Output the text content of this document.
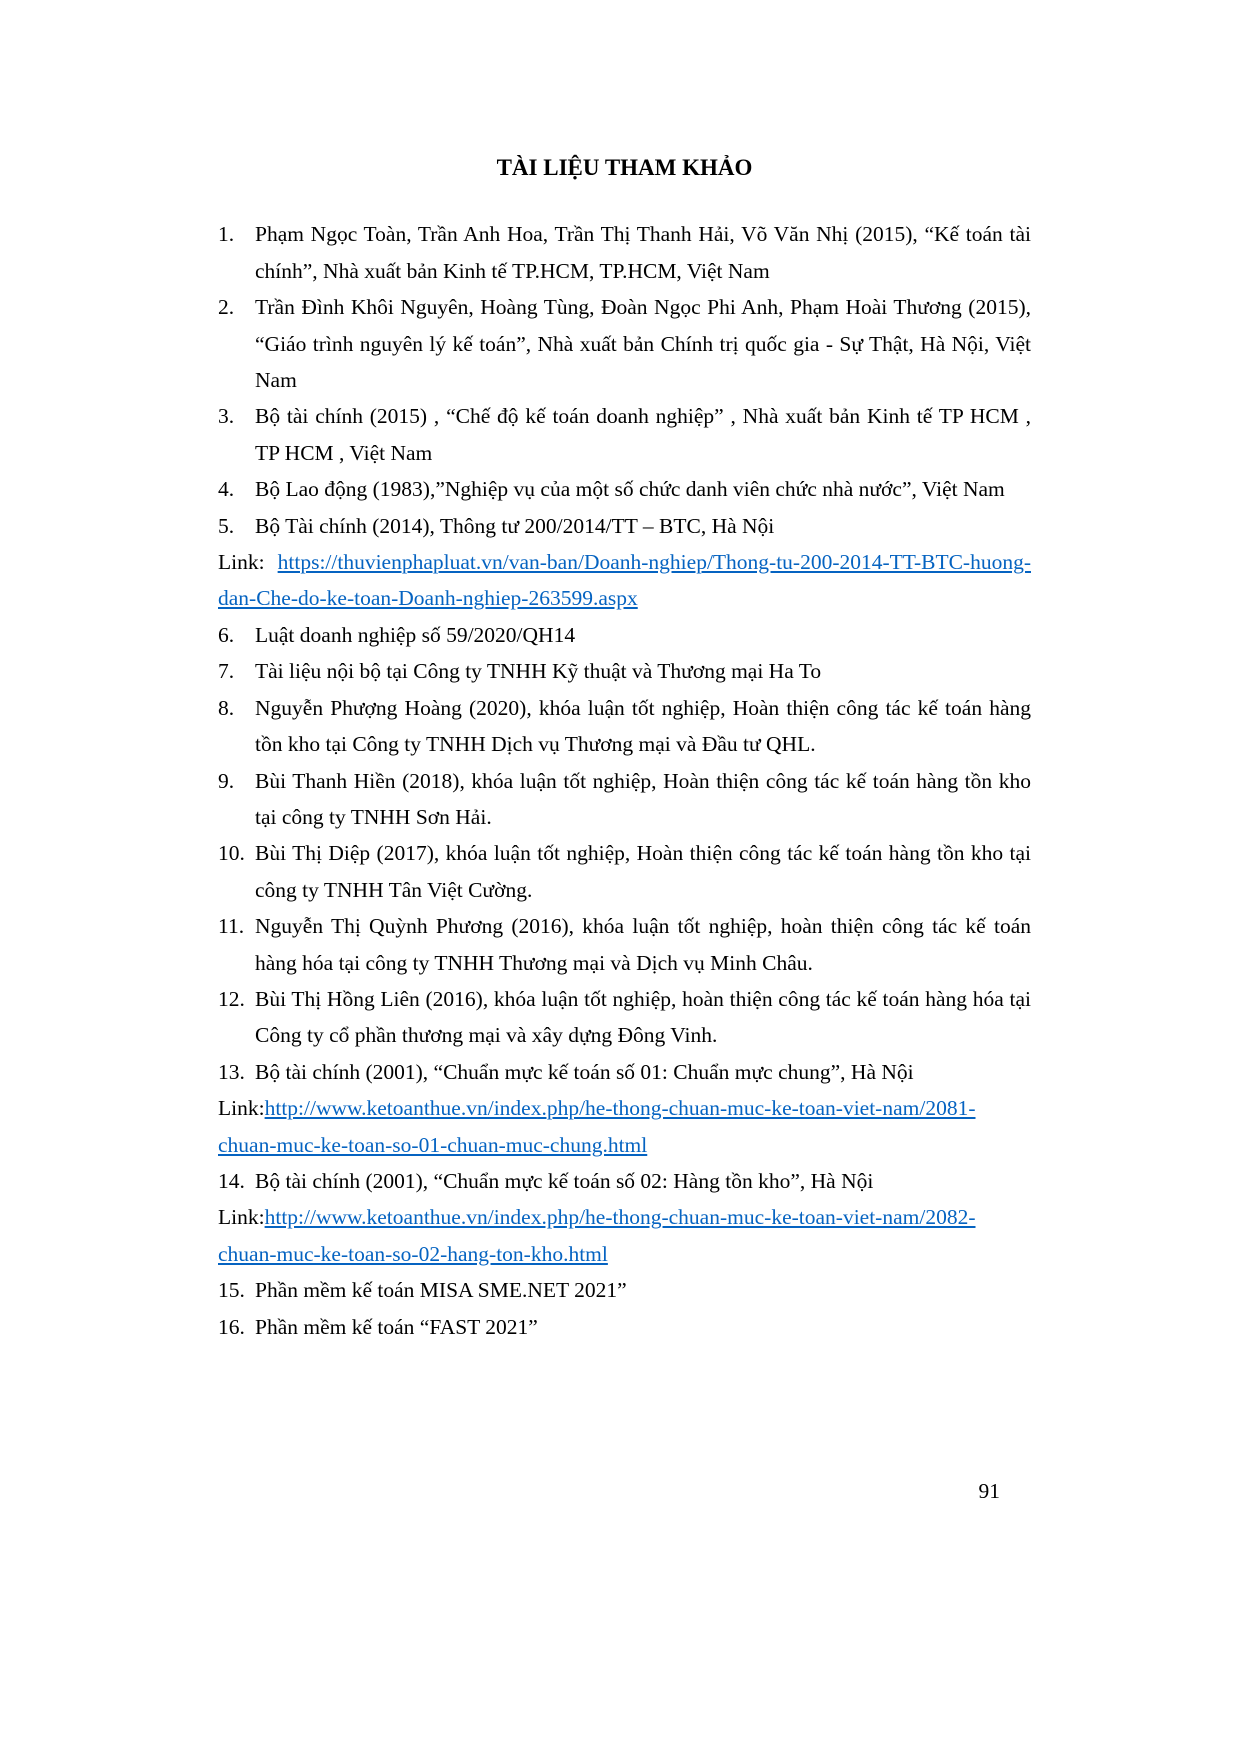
TÀI LIỆU THAM KHẢO
1. Phạm Ngọc Toàn, Trần Anh Hoa, Trần Thị Thanh Hải, Võ Văn Nhị (2015), “Kế toán tài chính”, Nhà xuất bản Kinh tế TP.HCM, TP.HCM, Việt Nam
2. Trần Đình Khôi Nguyên, Hoàng Tùng, Đoàn Ngọc Phi Anh, Phạm Hoài Thương (2015), “Giáo trình nguyên lý kế toán”, Nhà xuất bản Chính trị quốc gia - Sự Thật, Hà Nội, Việt Nam
3. Bộ tài chính (2015) , “Chế độ kế toán doanh nghiệp” , Nhà xuất bản Kinh tế TP HCM , TP HCM , Việt Nam
4. Bộ Lao động (1983),”Nghiệp vụ của một số chức danh viên chức nhà nước”, Việt Nam
5. Bộ Tài chính (2014), Thông tư 200/2014/TT – BTC, Hà Nội
Link: https://thuvienphapluat.vn/van-ban/Doanh-nghiep/Thong-tu-200-2014-TT-BTC-huong-dan-Che-do-ke-toan-Doanh-nghiep-263599.aspx
6. Luật doanh nghiệp số 59/2020/QH14
7. Tài liệu nội bộ tại Công ty TNHH Kỹ thuật và Thương mại Ha To
8. Nguyễn Phượng Hoàng (2020), khóa luận tốt nghiệp, Hoàn thiện công tác kế toán hàng tồn kho tại Công ty TNHH Dịch vụ Thương mại và Đầu tư QHL.
9. Bùi Thanh Hiền (2018), khóa luận tốt nghiệp, Hoàn thiện công tác kế toán hàng tồn kho tại công ty TNHH Sơn Hải.
10. Bùi Thị Diệp (2017), khóa luận tốt nghiệp, Hoàn thiện công tác kế toán hàng tồn kho tại công ty TNHH Tân Việt Cường.
11. Nguyễn Thị Quỳnh Phương (2016), khóa luận tốt nghiệp, hoàn thiện công tác kế toán hàng hóa tại công ty TNHH Thương mại và Dịch vụ Minh Châu.
12. Bùi Thị Hồng Liên (2016), khóa luận tốt nghiệp, hoàn thiện công tác kế toán hàng hóa tại Công ty cổ phần thương mại và xây dựng Đông Vinh.
13. Bộ tài chính (2001), “Chuẩn mực kế toán số 01: Chuẩn mực chung”, Hà Nội
Link:http://www.ketoanthue.vn/index.php/he-thong-chuan-muc-ke-toan-viet-nam/2081-chuan-muc-ke-toan-so-01-chuan-muc-chung.html
14. Bộ tài chính (2001), “Chuẩn mực kế toán số 02: Hàng tồn kho”, Hà Nội
Link:http://www.ketoanthue.vn/index.php/he-thong-chuan-muc-ke-toan-viet-nam/2082-chuan-muc-ke-toan-so-02-hang-ton-kho.html
15. Phần mềm kế toán MISA SME.NET 2021”
16. Phần mềm kế toán “FAST 2021”
91
